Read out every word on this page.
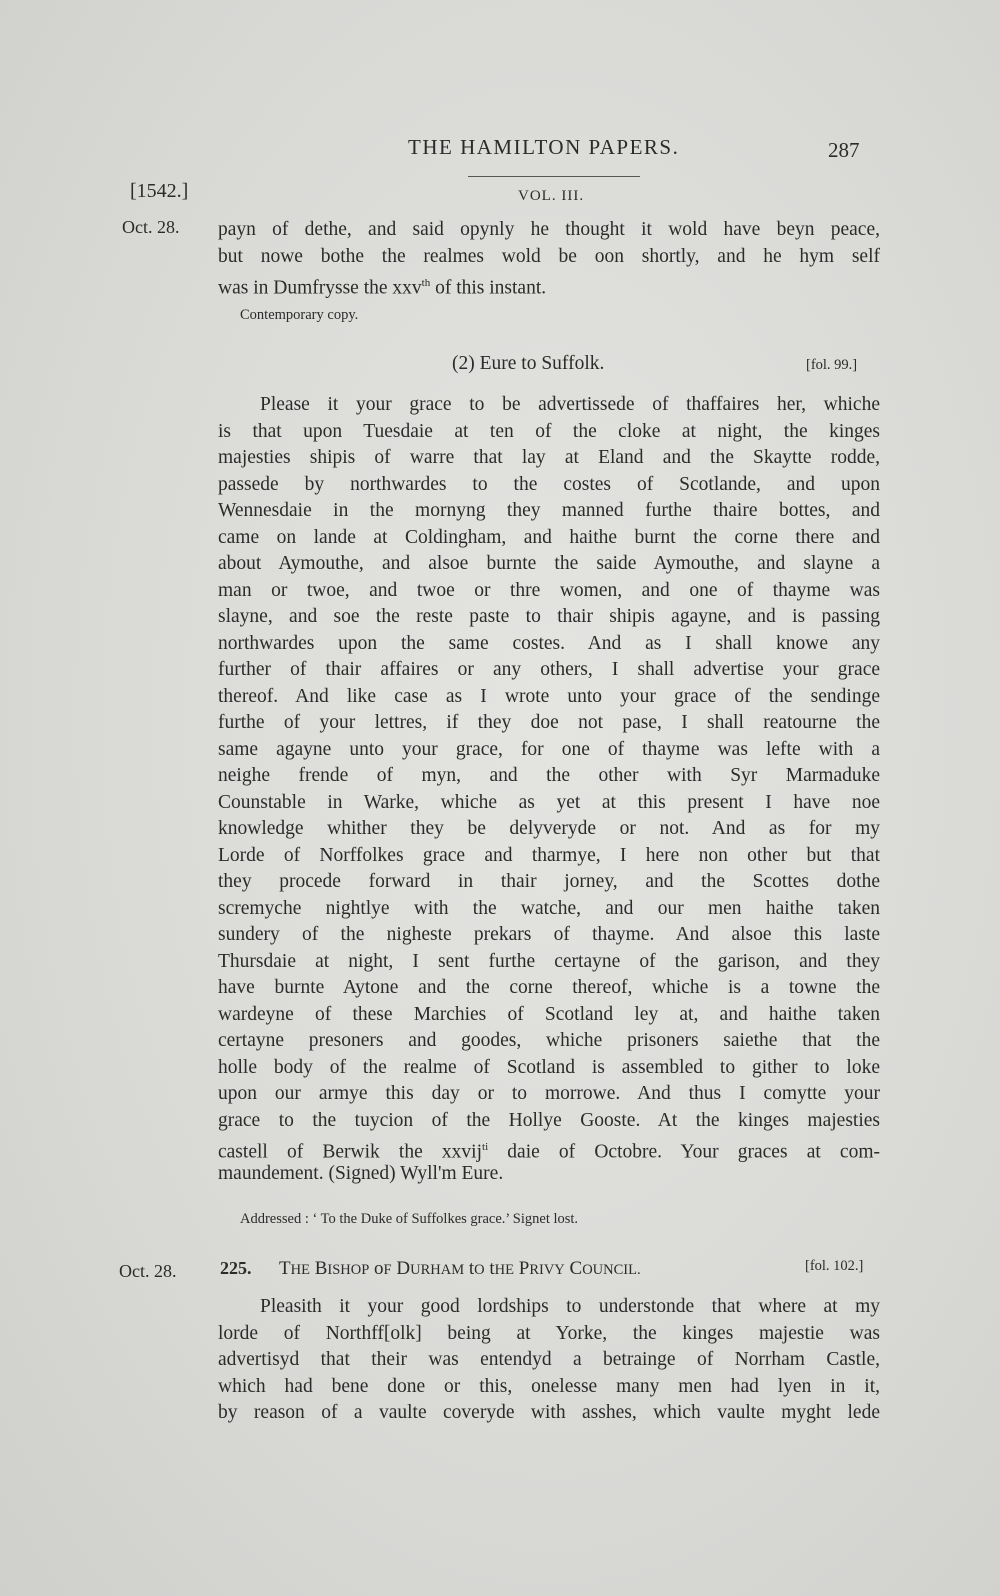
THE HAMILTON PAPERS.	287
[1542.]	VOL. III.
Oct. 28. payn of dethe, and said opynly he thought it wold have beyn peace,
but nowe bothe the realmes wold be oon shortly, and he hym self
was in Dumfrysse the xxv$^{th}$ of this instant.
Contemporary copy.
(2) Eure to Suffolk.	[fol. 99.]
Please it your grace to be advertissede of thaffaires her, whiche
is that upon Tuesdaie at ten of the cloke at night, the kinges
majesties shipis of warre that lay at Eland and the Skaytte rodde,
passede by northwardes to the costes of Scotlande, and upon
Wennesdaie in the mornyng they manned furthe thaire bottes, and
came on lande at Coldingham, and haithe burnt the corne there and
about Aymouthe, and alsoe burnte the saide Aymouthe, and slayne a
man or twoe, and twoe or thre women, and one of thayme was
slayne, and soe the reste paste to thair shipis agayne, and is passing
northwardes upon the same costes. And as I shall knowe any
further of thair affaires or any others, I shall advertise your grace
thereof. And like case as I wrote unto your grace of the sendinge
furthe of your lettres, if they doe not pase, I shall reatourne the
same agayne unto your grace, for one of thayme was lefte with a
neighe frende of myn, and the other with Syr Marmaduke
Counstable in Warke, whiche as yet at this present I have noe
knowledge whither they be delyveryde or not. And as for my
Lorde of Norffolkes grace and tharmye, I here non other but that
they procede forward in thair jorney, and the Scottes dothe
scremyche nightlye with the watche, and our men haithe taken
sundery of the nigheste prekars of thayme. And alsoe this laste
Thursdaie at night, I sent furthe certayne of the garison, and they
have burnte Aytone and the corne thereof, whiche is a towne the
wardeyne of these Marchies of Scotland ley at, and haithe taken
certayne presoners and goodes, whiche prisoners saiethe that the
holle body of the realme of Scotland is assembled to gither to loke
upon our armye this day or to morrowe. And thus I comytte your
grace to the tuycion of the Hollye Gooste. At the kinges majesties
castell of Berwik the xxvij$^{ti}$ daie of Octobre. Your graces at com-
maundement. (Signed) Wyll'm Eure.
Addressed : ‘ To the Duke of Suffolkes grace.’ Signet lost.
Oct. 28. 225. THE BISHOP oF DURHAM tO tHE PRIVY COUNCIL.	[fol. 102.]
Pleasith it your good lordships to understonde that where at my
lorde of Northff[olk] being at Yorke, the kinges majestie was
advertisyd that their was entendyd a betrainge of Norrham Castle,
which had bene done or this, onelesse many men had lyen in it,
by reason of a vaulte coveryde with asshes, which vaulte myght lede
